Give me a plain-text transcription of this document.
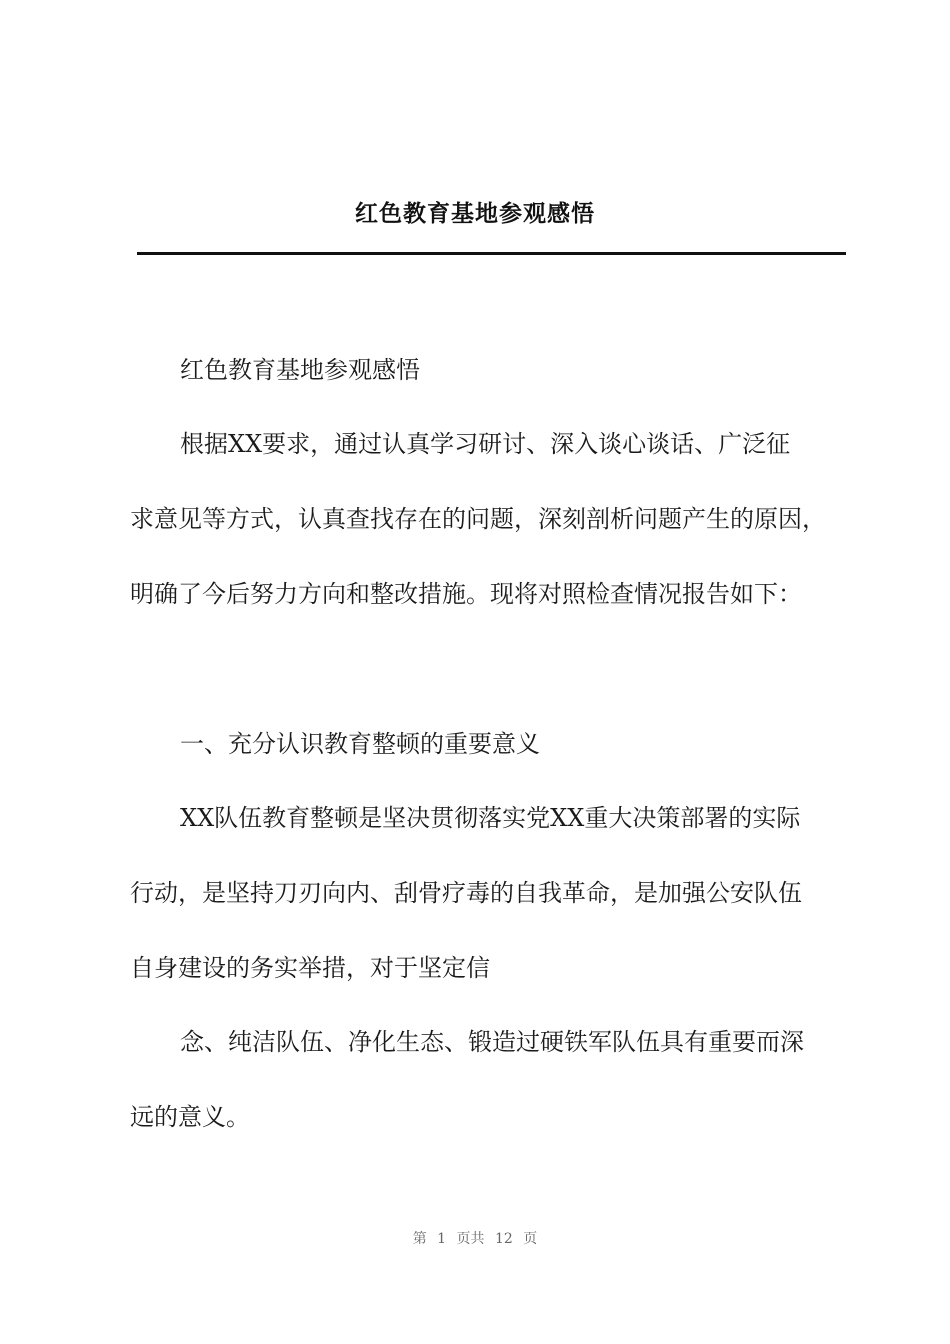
红色教育基地参观感悟
红色教育基地参观感悟
根据XX要求，通过认真学习研讨、深入谈心谈话、广泛征
求意见等方式，认真查找存在的问题，深刻剖析问题产生的原因，
明确了今后努力方向和整改措施。现将对照检查情况报告如下：
一、充分认识教育整顿的重要意义
XX队伍教育整顿是坚决贯彻落实党XX重大决策部署的实际
行动，是坚持刀刃向内、刮骨疗毒的自我革命，是加强公安队伍
自身建设的务实举措，对于坚定信
念、纯洁队伍、净化生态、锻造过硬铁军队伍具有重要而深
远的意义。
第 1 页共 12 页
